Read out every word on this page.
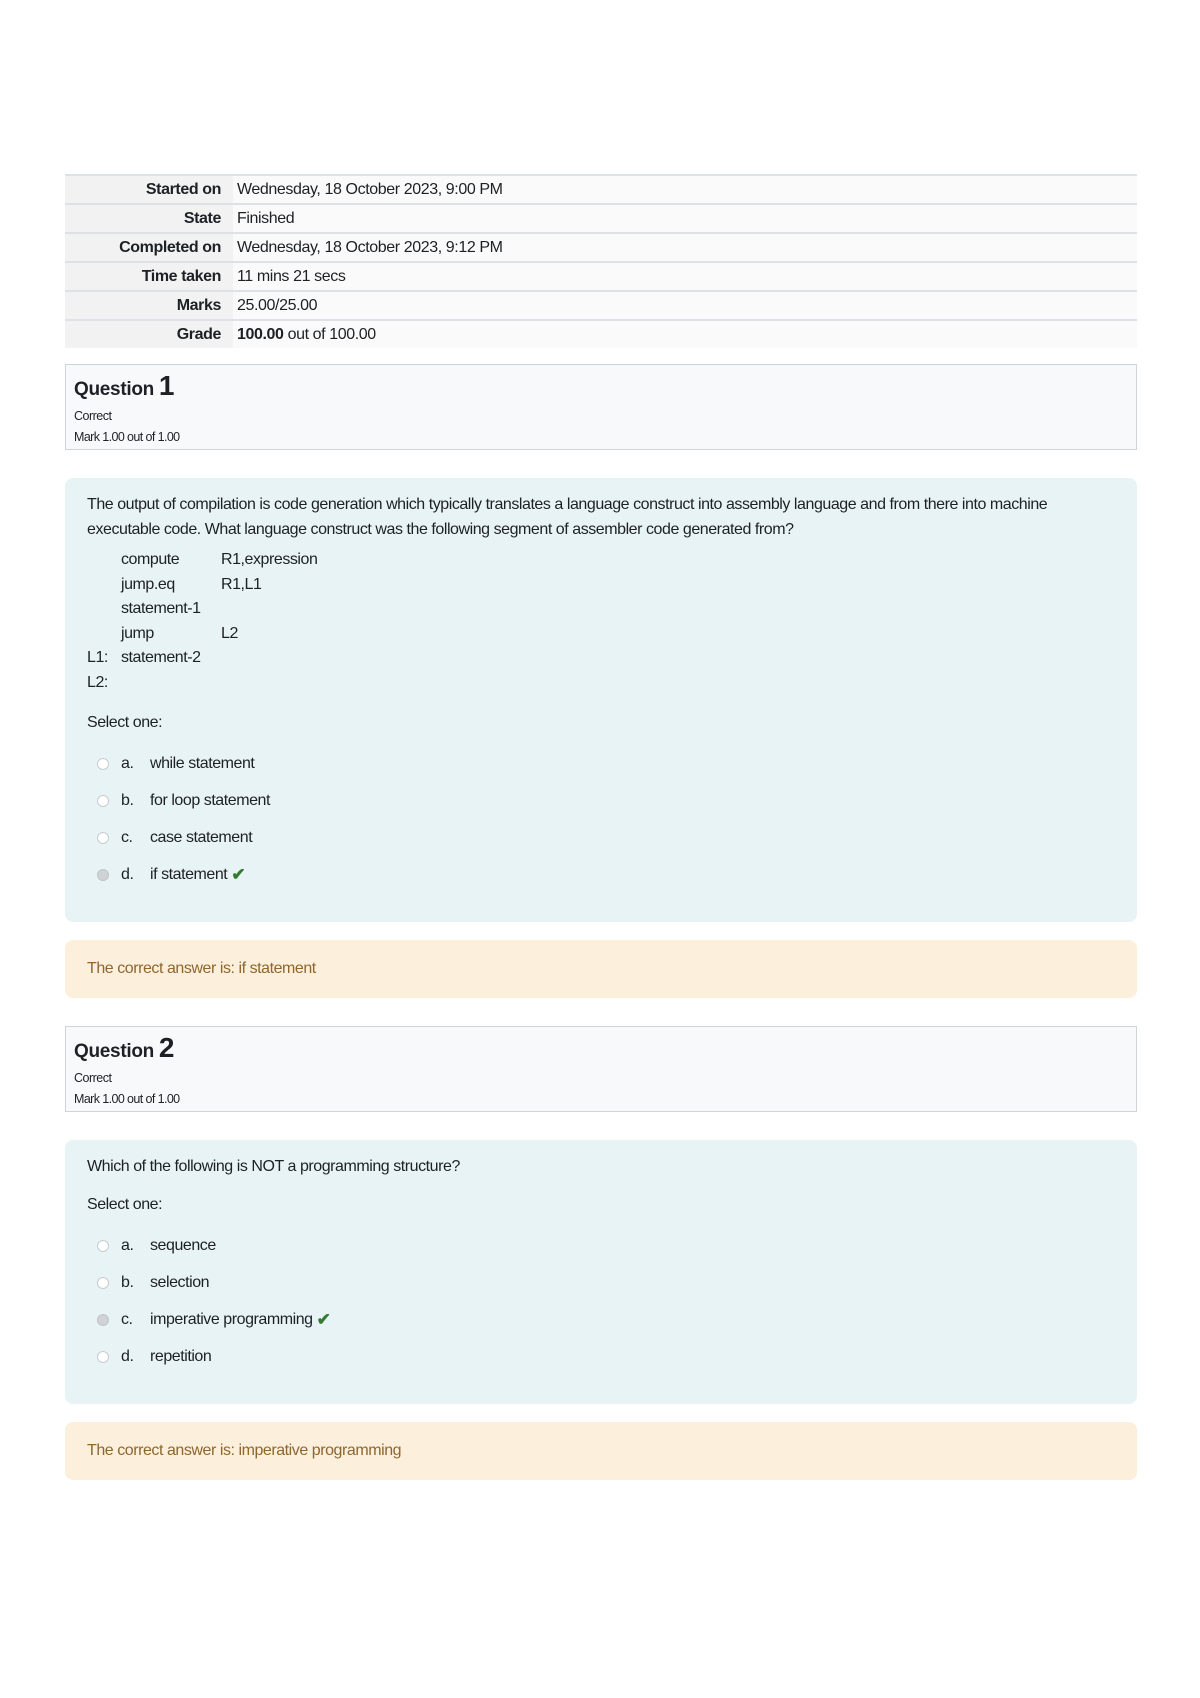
Started on	Wednesday, 18 October 2023, 9:00 PM
State	Finished
Completed on	Wednesday, 18 October 2023, 9:12 PM
Time taken	11 mins 21 secs
Marks	25.00/25.00
Grade	100.00 out of 100.00
Question 1
Correct
Mark 1.00 out of 1.00
The output of compilation is code generation which typically translates a language construct into assembly language and from there into machine executable code. What language construct was the following segment of assembler code generated from?
compute	R1,expression
jump.eq	R1,L1
statement-1
jump	L2
L1: statement-2
L2:
Select one:
a.	while statement
b.	for loop statement
c.	case statement
d.	if statement ✔
The correct answer is: if statement
Question 2
Correct
Mark 1.00 out of 1.00
Which of the following is NOT a programming structure?
Select one:
a.	sequence
b.	selection
c.	imperative programming ✔
d.	repetition
The correct answer is: imperative programming
